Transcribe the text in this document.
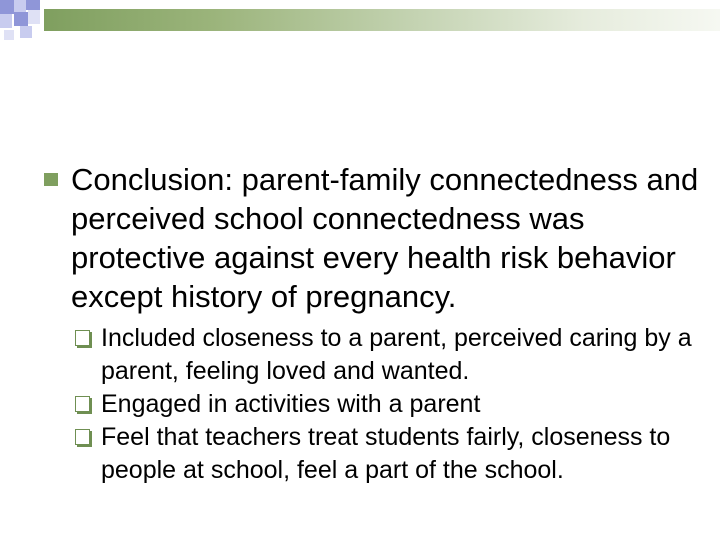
Conclusion: parent-family connectedness and perceived school connectedness was protective against every health risk behavior except history of pregnancy.
Included closeness to a parent, perceived caring by a parent, feeling loved and wanted.
Engaged in activities with a parent
Feel that teachers treat students fairly, closeness to people at school, feel a part of the school.
